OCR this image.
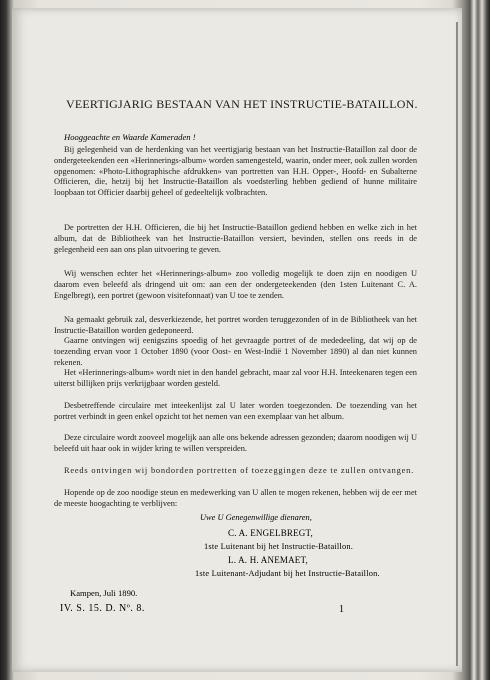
VEERTIGJARIG BESTAAN VAN HET INSTRUCTIE-BATAILLON.
Hooggeachte en Waarde Kameraden !
Bij gelegenheid van de herdenking van het veertigjarig bestaan van het Instructie-Bataillon zal door de ondergeteekenden een «Herinnerings-album» worden samengesteld, waarin, onder meer, ook zullen worden opgenomen: «Photo-Lithographische afdrukken» van portretten van H.H. Opper-, Hoofd- en Subalterne Officieren, die, hetzij bij het Instructie-Bataillon als voedsterling hebben gediend of hunne militaire loopbaan tot Officier daarbij geheel of gedeeltelijk volbrachten.
De portretten der H.H. Officieren, die bij het Instructie-Bataillon gediend hebben en welke zich in het album, dat de Bibliotheek van het Instructie-Bataillon versiert, bevinden, stellen ons reeds in de gelegenheid een aan ons plan uitvoering te geven.
Wij wenschen echter het «Herinnerings-album» zoo volledig mogelijk te doen zijn en noodigen U daarom even beleefd als dringend uit om: aan een der ondergeteekenden (den 1sten Luitenant C. A. Engelbregt), een portret (gewoon visitefonnaat) van U toe te zenden.
Na gemaakt gebruik zal, desverkiezende, het portret worden teruggezonden of in de Bibliotheek van het Instructie-Bataillon worden gedeponeerd.
Gaarne ontvingen wij eenigszins spoedig of het gevraagde portret of de mededeeling, dat wij op de toezending ervan voor 1 October 1890 (voor Oost- en West-Indië 1 November 1890) al dan niet kunnen rekenen.
Het «Herinnerings-album» wordt niet in den handel gebracht, maar zal voor H.H. Inteekenaren tegen een uiterst billijken prijs verkrijgbaar worden gesteld.
Desbetreffende circulaire met inteekenlijst zal U later worden toegezonden. De toezending van het portret verbindt in geen enkel opzicht tot het nemen van een exemplaar van het album.
Deze circulaire wordt zooveel mogelijk aan alle ons bekende adressen gezonden; daarom noodigen wij U beleefd uit haar ook in wijder kring te willen verspreiden.
Reeds ontvingen wij bondorden portretten of toezeggingen deze te zullen ontvangen.
Hopende op de zoo noodige steun en medewerking van U allen te mogen rekenen, hebben wij de eer met de meeste hoogachting te verblijven:
Uwe U Genegenwillige dienaren,
C. A. ENGELBREGT,
1ste Luitenant bij het Instructie-Bataillon.
L. A. H. ANEMAET,
1ste Luitenant-Adjudant bij het Instructie-Bataillon.
Kampen, Juli 1890.
IV. S. 15. D. Nº. 8.	1
